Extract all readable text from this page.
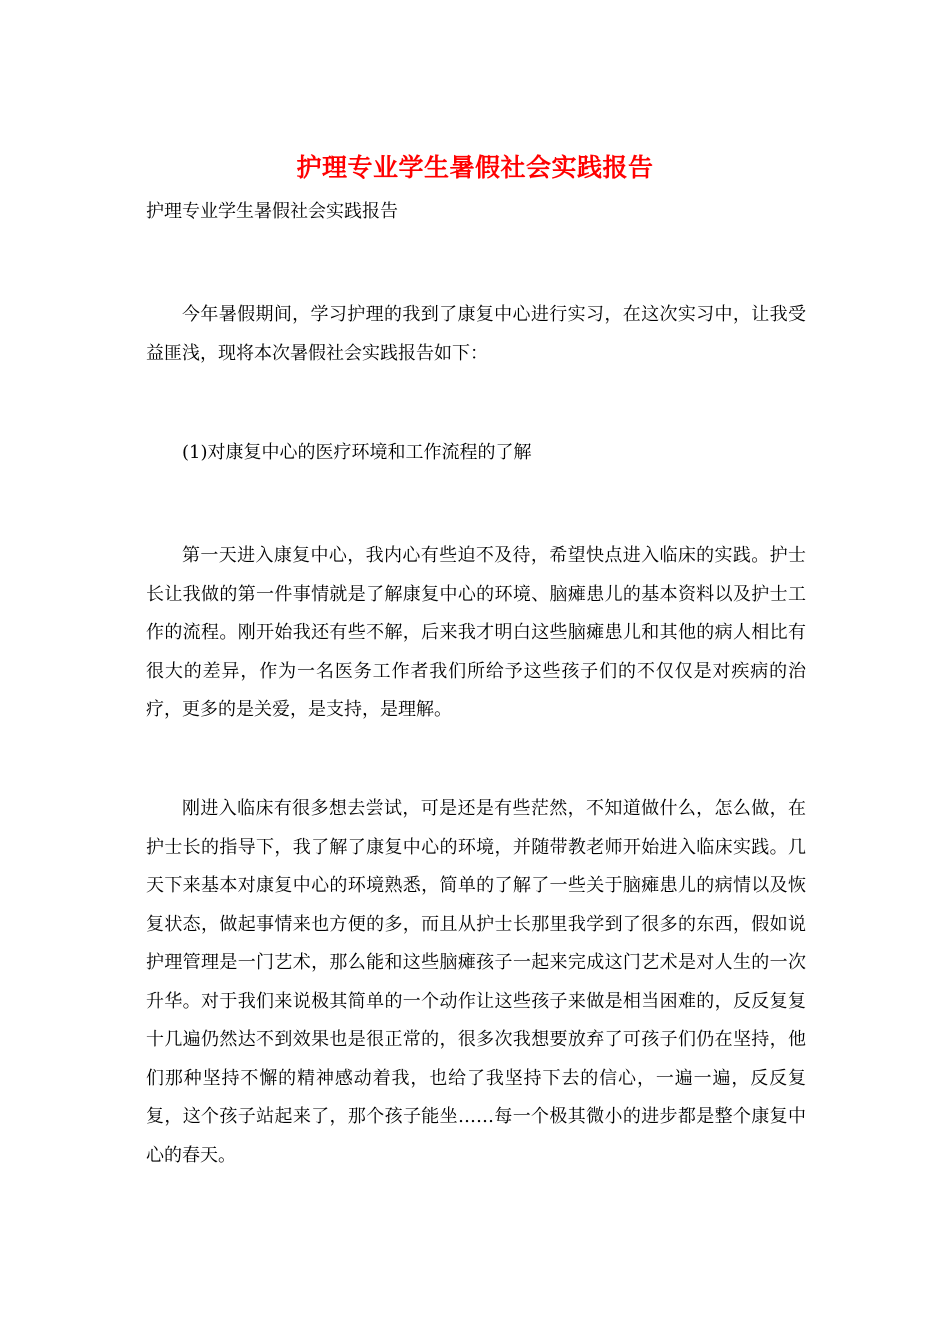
护理专业学生暑假社会实践报告
护理专业学生暑假社会实践报告

今年暑假期间，学习护理的我到了康复中心进行实习，在这次实习中，让我受益匪浅，现将本次暑假社会实践报告如下：

(1)对康复中心的医疗环境和工作流程的了解

第一天进入康复中心，我内心有些迫不及待，希望快点进入临床的实践。护士长让我做的第一件事情就是了解康复中心的环境、脑瘫患儿的基本资料以及护士工作的流程。刚开始我还有些不解，后来我才明白这些脑瘫患儿和其他的病人相比有很大的差异，作为一名医务工作者我们所给予这些孩子们的不仅仅是对疾病的治疗，更多的是关爱，是支持，是理解。

刚进入临床有很多想去尝试，可是还是有些茫然，不知道做什么，怎么做，在护士长的指导下，我了解了康复中心的环境，并随带教老师开始进入临床实践。几天下来基本对康复中心的环境熟悉，简单的了解了一些关于脑瘫患儿的病情以及恢复状态，做起事情来也方便的多，而且从护士长那里我学到了很多的东西，假如说护理管理是一门艺术，那么能和这些脑瘫孩子一起来完成这门艺术是对人生的一次升华。对于我们来说极其简单的一个动作让这些孩子来做是相当困难的，反反复复十几遍仍然达不到效果也是很正常的，很多次我想要放弃了可孩子们仍在坚持，他们那种坚持不懈的精神感动着我，也给了我坚持下去的信心，一遍一遍，反反复复，这个孩子站起来了，那个孩子能坐……每一个极其微小的进步都是整个康复中心的春天。
